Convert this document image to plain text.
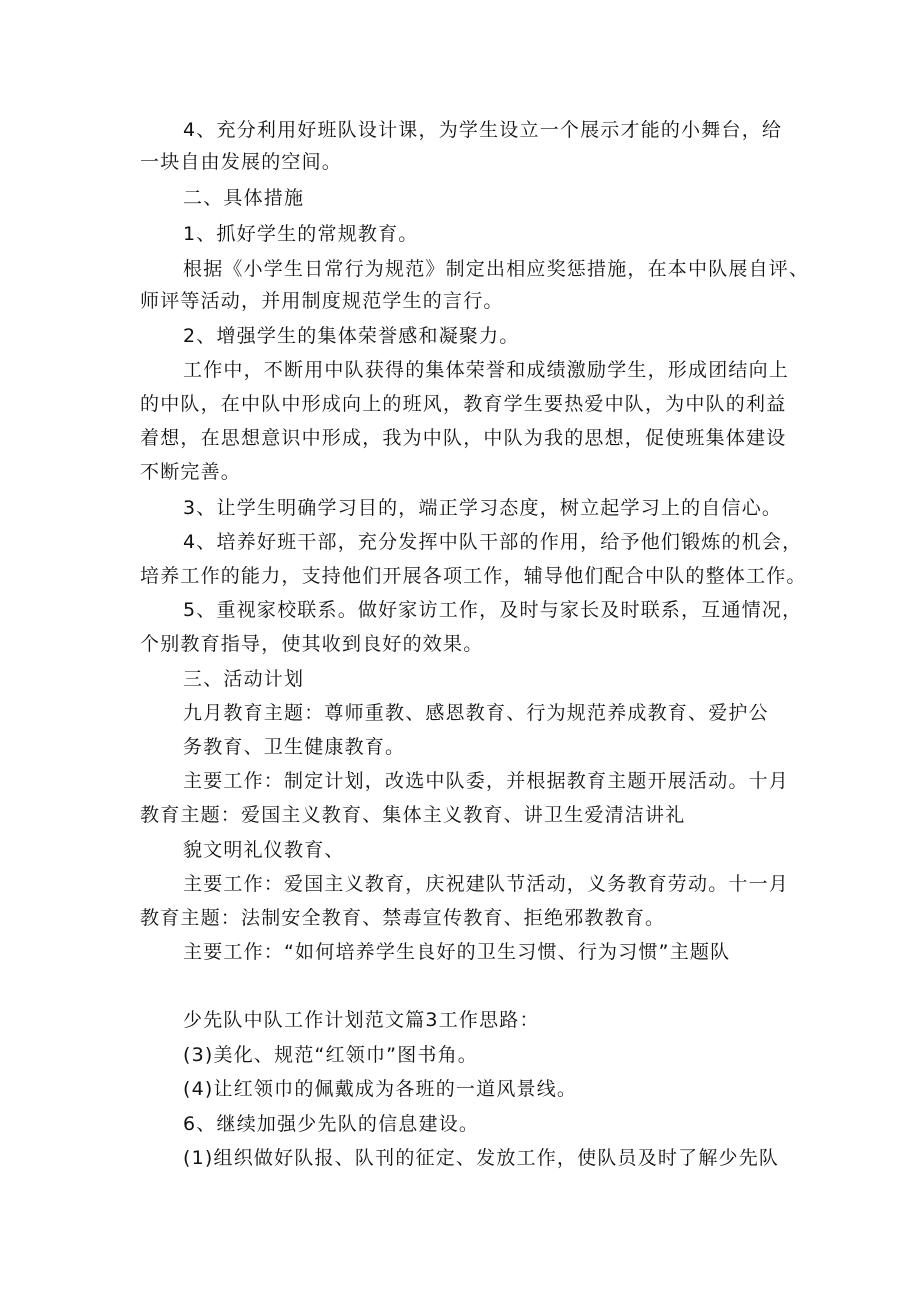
4、充分利用好班队设计课，为学生设立一个展示才能的小舞台，给
一块自由发展的空间。
二、具体措施
1、抓好学生的常规教育。
根据《小学生日常行为规范》制定出相应奖惩措施，在本中队展自评、
师评等活动，并用制度规范学生的言行。
2、增强学生的集体荣誉感和凝聚力。
工作中，不断用中队获得的集体荣誉和成绩激励学生，形成团结向上
的中队，在中队中形成向上的班风，教育学生要热爱中队，为中队的利益
着想，在思想意识中形成，我为中队，中队为我的思想，促使班集体建设
不断完善。
3、让学生明确学习目的，端正学习态度，树立起学习上的自信心。
4、培养好班干部，充分发挥中队干部的作用，给予他们锻炼的机会，
培养工作的能力，支持他们开展各项工作，辅导他们配合中队的整体工作。
5、重视家校联系。做好家访工作，及时与家长及时联系，互通情况，
个别教育指导，使其收到良好的效果。
三、活动计划
九月教育主题：尊师重教、感恩教育、行为规范养成教育、爱护公
务教育、卫生健康教育。
主要工作：制定计划，改选中队委，并根据教育主题开展活动。十月
教育主题：爱国主义教育、集体主义教育、讲卫生爱清洁讲礼
貌文明礼仪教育、
主要工作：爱国主义教育，庆祝建队节活动，义务教育劳动。十一月
教育主题：法制安全教育、禁毒宣传教育、拒绝邪教教育。
主要工作：“如何培养学生良好的卫生习惯、行为习惯”主题队
少先队中队工作计划范文篇3工作思路：
(3)美化、规范“红领巾”图书角。
(4)让红领巾的佩戴成为各班的一道风景线。
6、继续加强少先队的信息建设。
(1)组织做好队报、队刊的征定、发放工作，使队员及时了解少先队
